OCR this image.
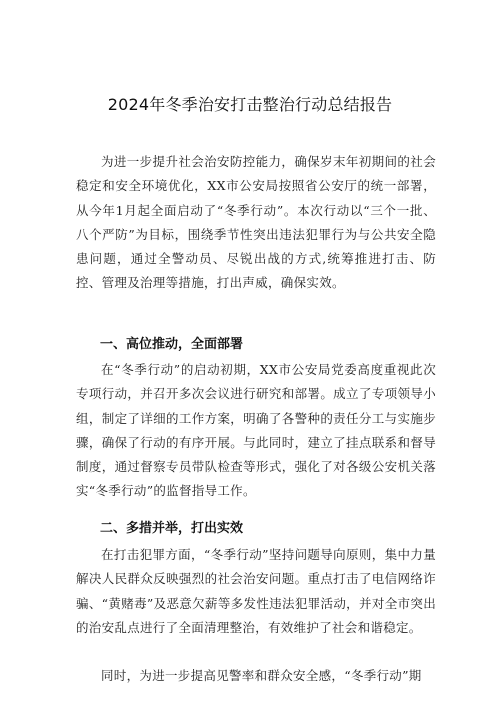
2024年冬季治安打击整治行动总结报告

为进一步提升社会治安防控能力，确保岁末年初期间的社会稳定和安全环境优化，XX市公安局按照省公安厅的统一部署，从今年1月起全面启动了“冬季行动”。本次行动以“三个一批、八个严防”为目标，围绕季节性突出违法犯罪行为与公共安全隐患问题，通过全警动员、尽锐出战的方式,统筹推进打击、防控、管理及治理等措施，打出声威，确保实效。

一、高位推动，全面部署

在“冬季行动”的启动初期，XX市公安局党委高度重视此次专项行动，并召开多次会议进行研究和部署。成立了专项领导小组，制定了详细的工作方案，明确了各警种的责任分工与实施步骤，确保了行动的有序开展。与此同时，建立了挂点联系和督导制度，通过督察专员带队检查等形式，强化了对各级公安机关落实“冬季行动”的监督指导工作。

二、多措并举，打出实效

在打击犯罪方面，“冬季行动”坚持问题导向原则，集中力量解决人民群众反映强烈的社会治安问题。重点打击了电信网络诈骗、“黄赌毒”及恶意欠薪等多发性违法犯罪活动，并对全市突出的治安乱点进行了全面清理整治，有效维护了社会和谐稳定。

同时，为进一步提高见警率和群众安全感，“冬季行动”期
